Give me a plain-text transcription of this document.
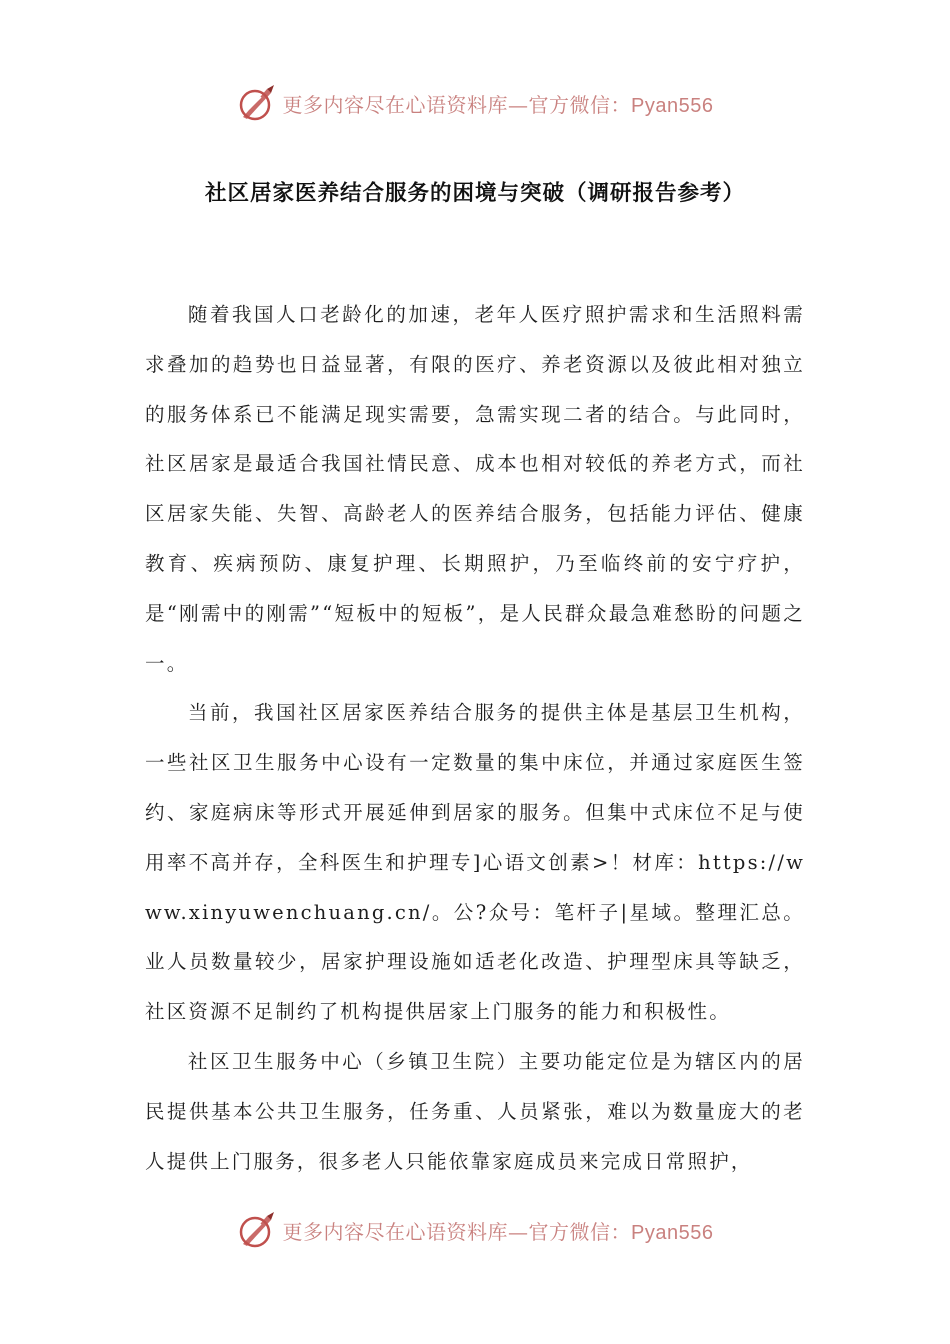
更多内容尽在心语资料库—官方微信：Pyan556
社区居家医养结合服务的困境与突破（调研报告参考）

随着我国人口老龄化的加速，老年人医疗照护需求和生活照料需求叠加的趋势也日益显著，有限的医疗、养老资源以及彼此相对独立的服务体系已不能满足现实需要，急需实现二者的结合。与此同时，社区居家是最适合我国社情民意、成本也相对较低的养老方式，而社区居家失能、失智、高龄老人的医养结合服务，包括能力评估、健康教育、疾病预防、康复护理、长期照护，乃至临终前的安宁疗护，是“刚需中的刚需”“短板中的短板”，是人民群众最急难愁盼的问题之一。

当前，我国社区居家医养结合服务的提供主体是基层卫生机构，一些社区卫生服务中心设有一定数量的集中床位，并通过家庭医生签约、家庭病床等形式开展延伸到居家的服务。但集中式床位不足与使用率不高并存，全科医生和护理专]心语文创素>！材库：https://www.xinyuwenchuang.cn/。公?众号：笔杆子|星域。整理汇总。业人员数量较少，居家护理设施如适老化改造、护理型床具等缺乏，社区资源不足制约了机构提供居家上门服务的能力和积极性。

社区卫生服务中心（乡镇卫生院）主要功能定位是为辖区内的居民提供基本公共卫生服务，任务重、人员紧张，难以为数量庞大的老人提供上门服务，很多老人只能依靠家庭成员来完成日常照护，

更多内容尽在心语资料库—官方微信：Pyan556
